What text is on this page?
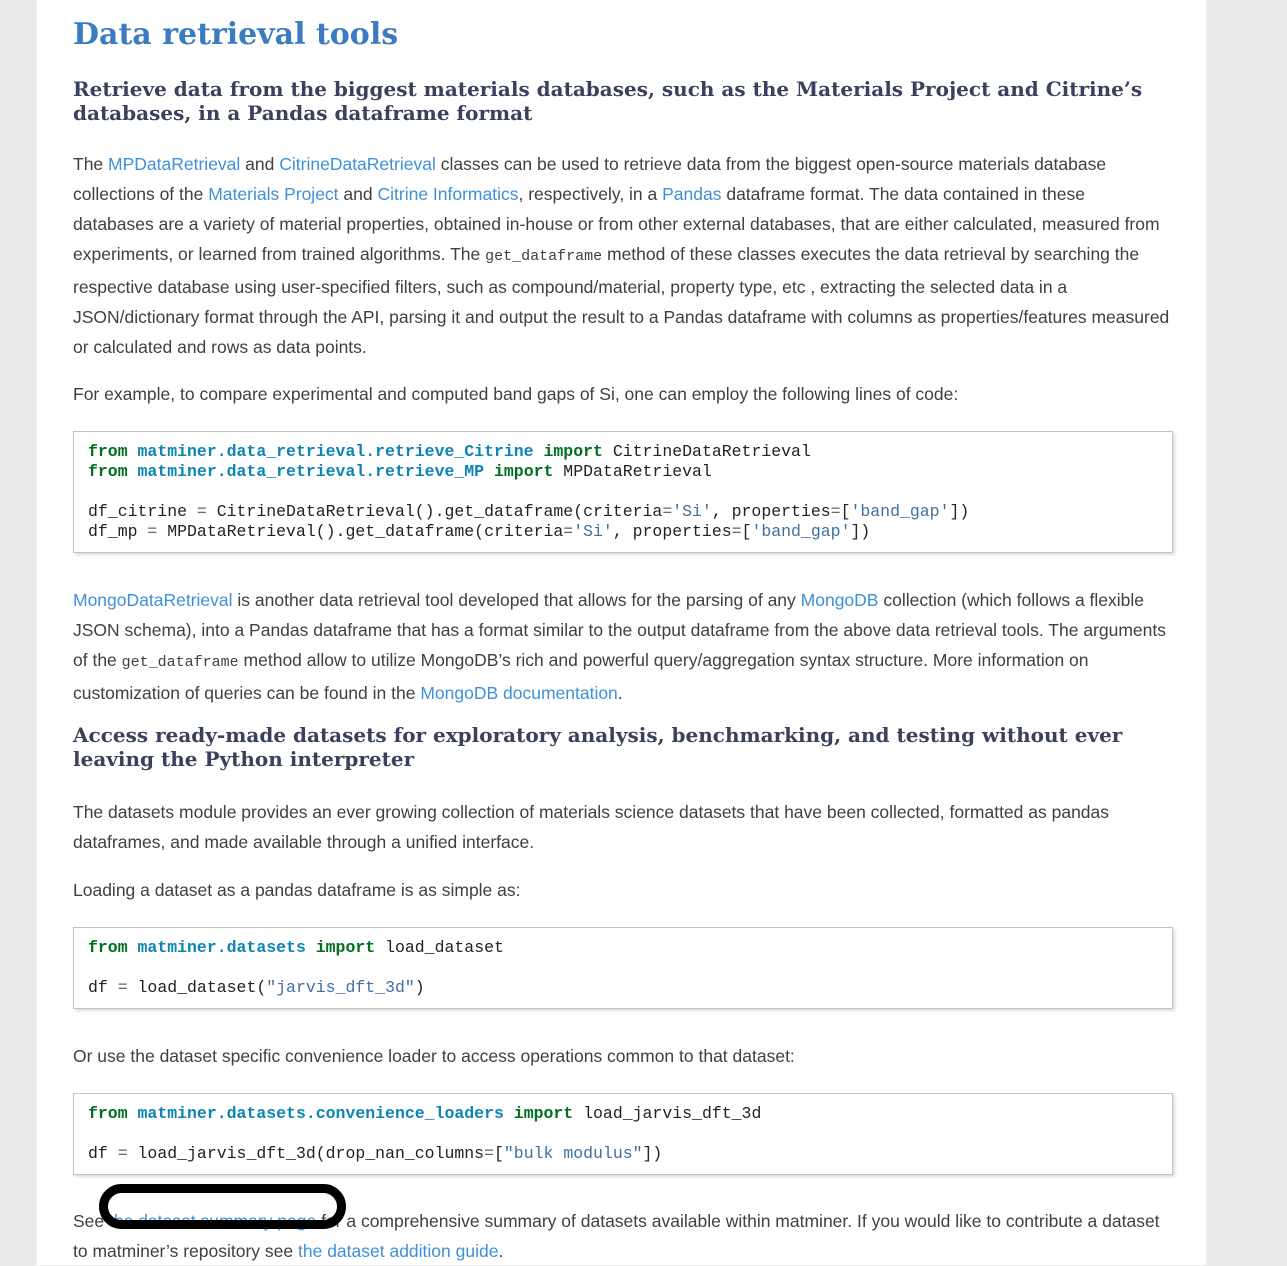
Data retrieval tools
Retrieve data from the biggest materials databases, such as the Materials Project and Citrine’s databases, in a Pandas dataframe format

The MPDataRetrieval and CitrineDataRetrieval classes can be used to retrieve data from the biggest open-source materials database collections of the Materials Project and Citrine Informatics, respectively, in a Pandas dataframe format. The data contained in these databases are a variety of material properties, obtained in-house or from other external databases, that are either calculated, measured from experiments, or learned from trained algorithms. The get_dataframe method of these classes executes the data retrieval by searching the respective database using user-specified filters, such as compound/material, property type, etc , extracting the selected data in a JSON/dictionary format through the API, parsing it and output the result to a Pandas dataframe with columns as properties/features measured or calculated and rows as data points.

For example, to compare experimental and computed band gaps of Si, one can employ the following lines of code:

from matminer.data_retrieval.retrieve_Citrine import CitrineDataRetrieval
from matminer.data_retrieval.retrieve_MP import MPDataRetrieval

df_citrine = CitrineDataRetrieval().get_dataframe(criteria='Si', properties=['band_gap'])
df_mp = MPDataRetrieval().get_dataframe(criteria='Si', properties=['band_gap'])

MongoDataRetrieval is another data retrieval tool developed that allows for the parsing of any MongoDB collection (which follows a flexible JSON schema), into a Pandas dataframe that has a format similar to the output dataframe from the above data retrieval tools. The arguments of the get_dataframe method allow to utilize MongoDB’s rich and powerful query/aggregation syntax structure. More information on customization of queries can be found in the MongoDB documentation.

Access ready-made datasets for exploratory analysis, benchmarking, and testing without ever leaving the Python interpreter

The datasets module provides an ever growing collection of materials science datasets that have been collected, formatted as pandas dataframes, and made available through a unified interface.

Loading a dataset as a pandas dataframe is as simple as:

from matminer.datasets import load_dataset

df = load_dataset("jarvis_dft_3d")

Or use the dataset specific convenience loader to access operations common to that dataset:

from matminer.datasets.convenience_loaders import load_jarvis_dft_3d

df = load_jarvis_dft_3d(drop_nan_columns=["bulk modulus"])

See the dataset summary page for a comprehensive summary of datasets available within matminer. If you would like to contribute a dataset to matminer’s repository see the dataset addition guide.
